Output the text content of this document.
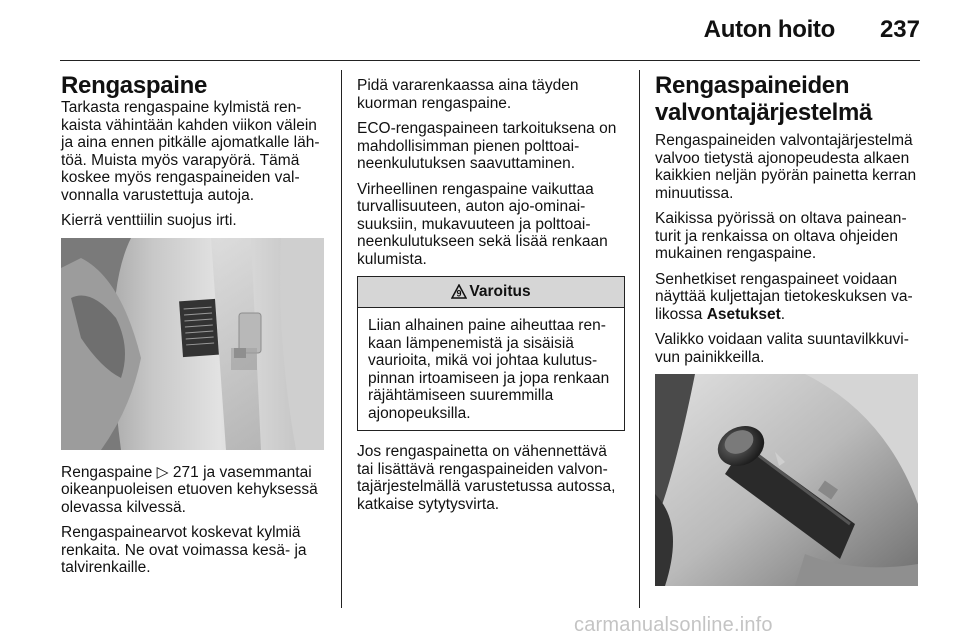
Auton hoito 237
Rengaspaine

Tarkasta rengaspaine kylmistä renkaista vähintään kahden viikon välein ja aina ennen pitkälle ajomatkalle lähtöä. Muista myös varapyörä. Tämä koskee myös rengaspaineiden valvonnalla varustettuja autoja.

Kierrä venttiilin suojus irti.

Rengaspaine ▷ 271 ja vasemmantai oikeanpuoleisen etuoven kehyksessä olevassa kilvessä.

Rengaspainearvot koskevat kylmiä renkaita. Ne ovat voimassa kesä- ja talvirenkaille.

Pidä vararenkaassa aina täyden kuorman rengaspaine.

ECO-rengaspaineen tarkoituksena on mahdollisimman pienen polttoaineenkulutuksen saavuttaminen.

Virheellinen rengaspaine vaikuttaa turvallisuuteen, auton ajo-ominaisuuksiin, mukavuuteen ja polttoaineenkulutukseen sekä lisää renkaan kulumista.

9 Varoitus
Liian alhainen paine aiheuttaa renkaan lämpenemistä ja sisäisiä vaurioita, mikä voi johtaa kulutuspinnan irtoamiseen ja jopa renkaan räjähtämiseen suuremmilla ajonopeuksilla.

Jos rengaspainetta on vähennettävä tai lisättävä rengaspaineiden valvontajärjestelmällä varustetussa autossa, katkaise sytytysvirta.

Rengaspaineiden valvontajärjestelmä

Rengaspaineiden valvontajärjestelmä valvoo tietystä ajonopeudesta alkaen kaikkien neljän pyörän painetta kerran minuutissa.

Kaikissa pyörissä on oltava paineanturit ja renkaissa on oltava ohjeiden mukainen rengaspaine.

Senhetkiset rengaspaineet voidaan näyttää kuljettajan tietokeskuksen valikossa Asetukset.

Valikko voidaan valita suuntavilkkuvivun painikkeilla.

carmanualsonline.info
